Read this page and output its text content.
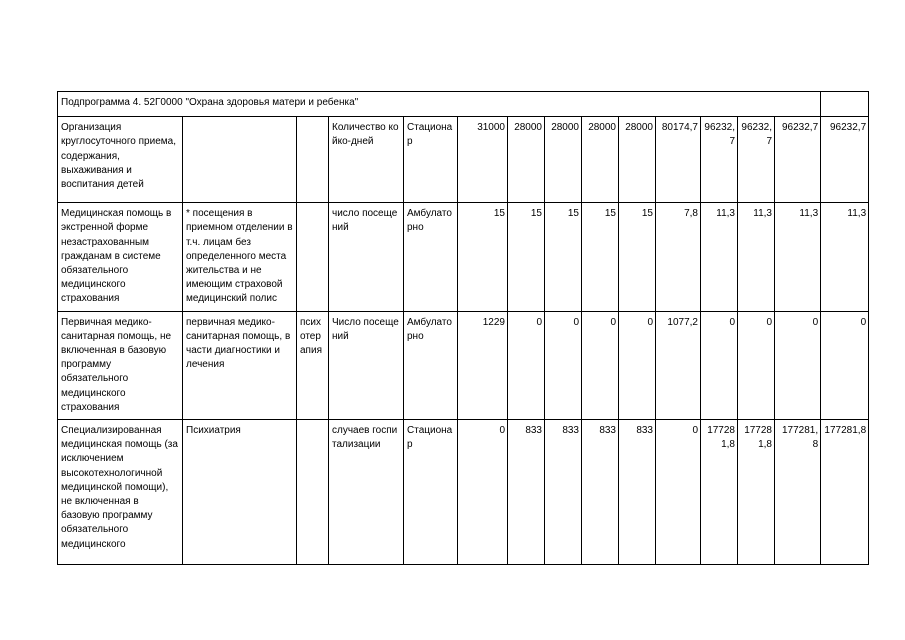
Подпрограмма 4. 52Г0000 "Охрана здоровья матери и ребенка"														
Организация круглосуточного приема, содержания, выхаживания и воспитания детей			Количество койко-дней	Стационар	31000	28000	28000	28000	28000	80174,7	96232,7	96232,7	96232,7	96232,7
Медицинская помощь в экстренной форме незастрахованным гражданам в системе обязательного медицинского страхования	* посещения в приемном отделении в т.ч. лицам без определенного места жительства и не имеющим страховой медицинский полис		число посещений	Амбулаторно	15	15	15	15	15	7,8	11,3	11,3	11,3	11,3
Первичная медико-санитарная помощь, не включенная в базовую программу обязательного медицинского страхования	первичная медико-санитарная помощь, в части диагностики и лечения	психотерапия	Число посещений	Амбулаторно	1229	0	0	0	0	1077,2	0	0	0	0
Специализированная медицинская помощь (за исключением высокотехнологичной медицинской помощи), не включенная в базовую программу обязательного медицинского	Психиатрия		случаев госпитализации	Стационар	0	833	833	833	833	0	177281,8	177281,8	177281,8	177281,8
